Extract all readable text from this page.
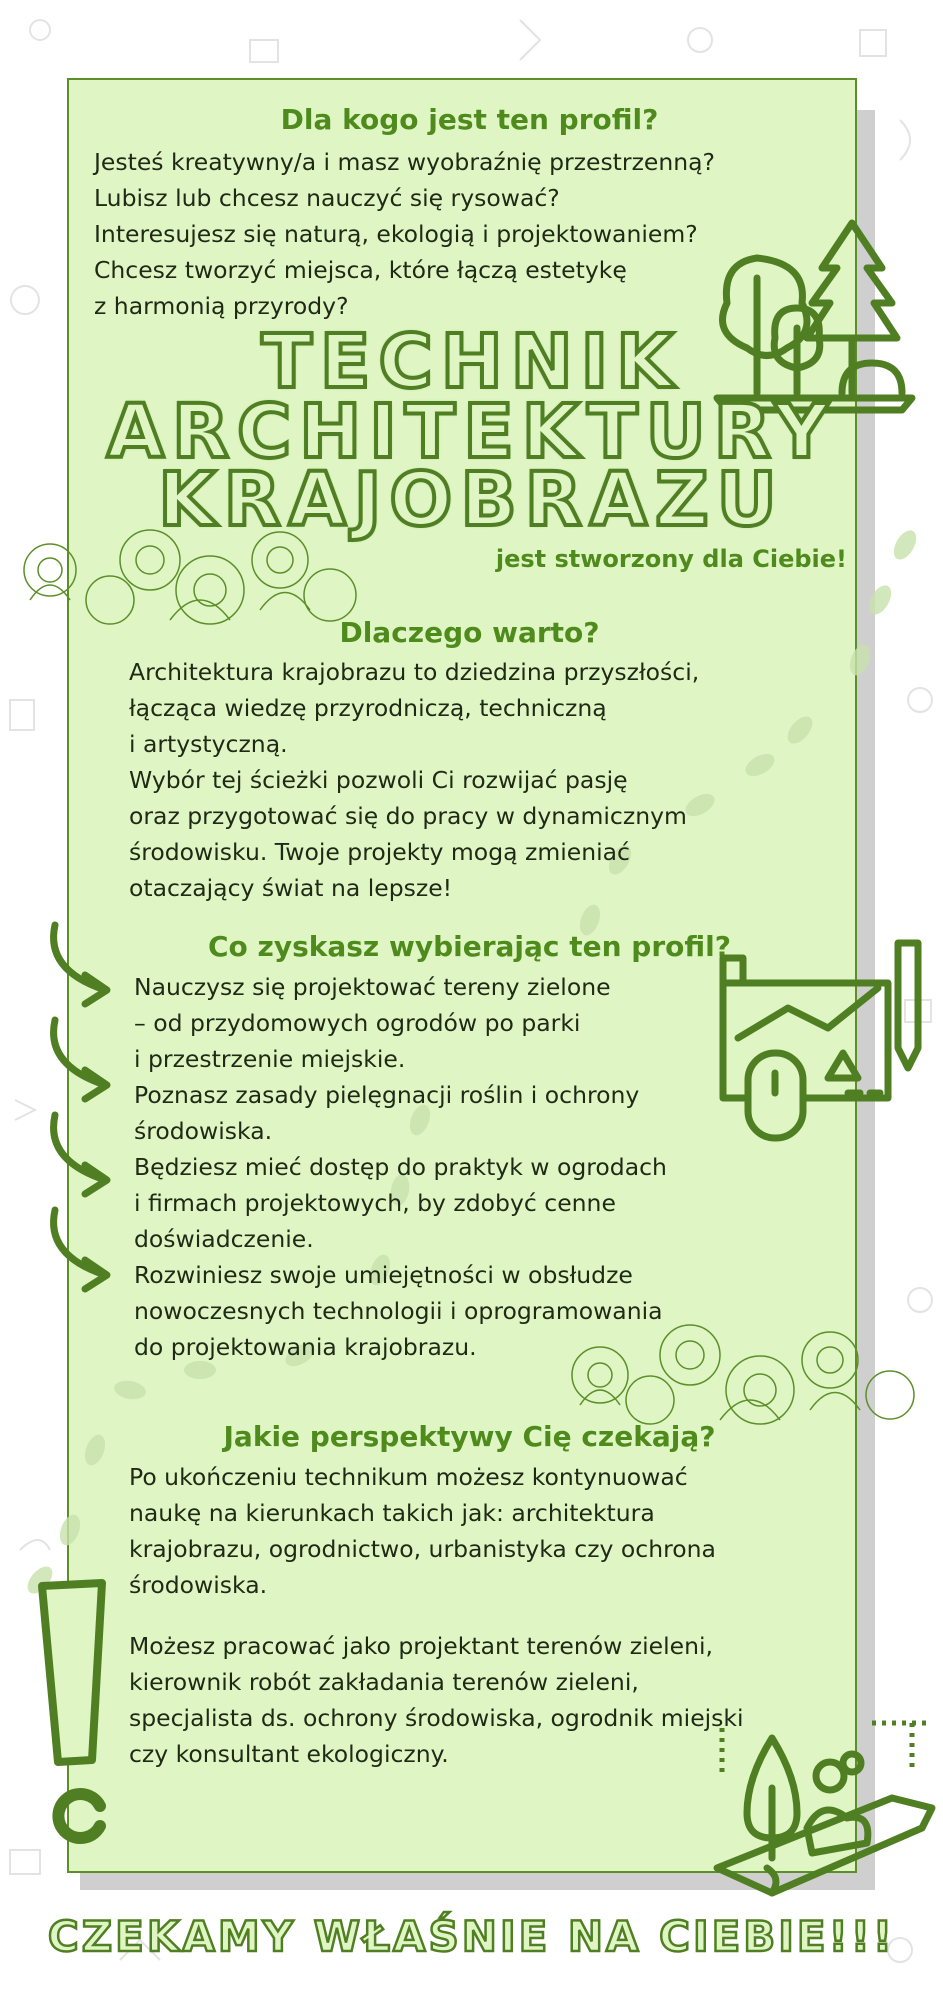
Dla kogo jest ten profil?
Jesteś kreatywny/a i masz wyobraźnię przestrzenną?
Lubisz lub chcesz nauczyć się rysować?
Interesujesz się naturą, ekologią i projektowaniem?
Chcesz tworzyć miejsca, które łączą estetykę
z harmonią przyrody?
TECHNIK
ARCHITEKTURY
KRAJOBRAZU
jest stworzony dla Ciebie!
Dlaczego warto?
Architektura krajobrazu to dziedzina przyszłości,
łącząca wiedzę przyrodniczą, techniczną
i artystyczną.
Wybór tej ścieżki pozwoli Ci rozwijać pasję
oraz przygotować się do pracy w dynamicznym
środowisku. Twoje projekty mogą zmieniać
otaczający świat na lepsze!
Co zyskasz wybierając ten profil?
Nauczysz się projektować tereny zielone
– od przydomowych ogrodów po parki
i przestrzenie miejskie.
Poznasz zasady pielęgnacji roślin i ochrony
środowiska.
Będziesz mieć dostęp do praktyk w ogrodach
i firmach projektowych, by zdobyć cenne
doświadczenie.
Rozwiniesz swoje umiejętności w obsłudze
nowoczesnych technologii i oprogramowania
do projektowania krajobrazu.
Jakie perspektywy Cię czekają?
Po ukończeniu technikum możesz kontynuować
naukę na kierunkach takich jak: architektura
krajobrazu, ogrodnictwo, urbanistyka czy ochrona
środowiska.
Możesz pracować jako projektant terenów zieleni,
kierownik robót zakładania terenów zieleni,
specjalista ds. ochrony środowiska, ogrodnik miejski
czy konsultant ekologiczny.
CZEKAMY WŁAŚNIE NA CIEBIE!!!
